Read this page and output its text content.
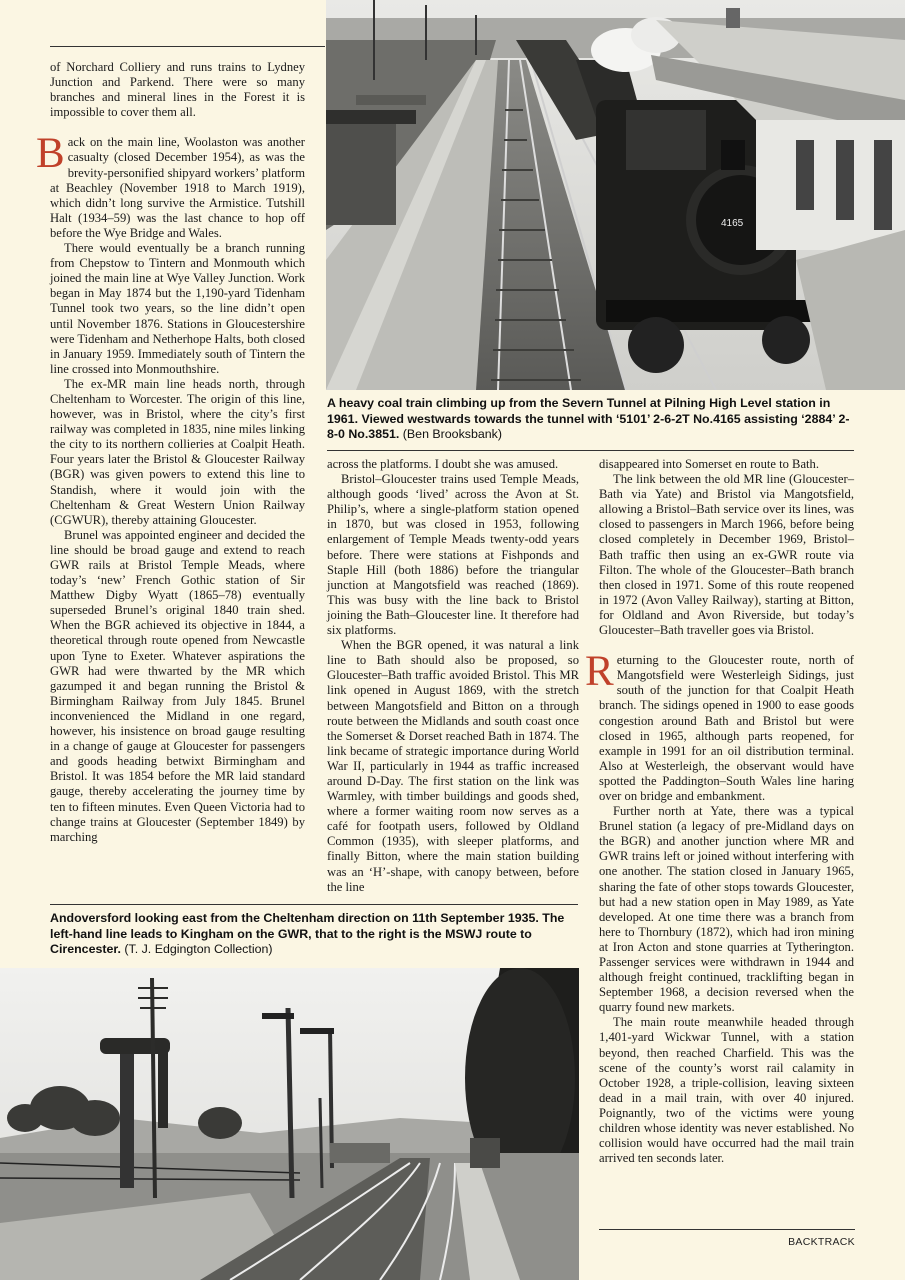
4165

of Norchard Colliery and runs trains to Lydney Junction and Parkend. There were so many branches and mineral lines in the Forest it is impossible to cover them all.

Back on the main line, Woolaston was another casualty (closed December 1954), as was the brevity-personified shipyard workers’ platform at Beachley (November 1918 to March 1919), which didn’t long survive the Armistice. Tutshill Halt (1934–59) was the last chance to hop off before the Wye Bridge and Wales.

There would eventually be a branch running from Chepstow to Tintern and Monmouth which joined the main line at Wye Valley Junction. Work began in May 1874 but the 1,190-yard Tidenham Tunnel took two years, so the line didn’t open until November 1876. Stations in Gloucestershire were Tidenham and Netherhope Halts, both closed in January 1959. Immediately south of Tintern the line crossed into Monmouthshire.

The ex-MR main line heads north, through Cheltenham to Worcester. The origin of this line, however, was in Bristol, where the city’s first railway was completed in 1835, nine miles linking the city to its northern collieries at Coalpit Heath. Four years later the Bristol & Gloucester Railway (BGR) was given powers to extend this line to Standish, where it would join with the Cheltenham & Great Western Union Railway (CGWUR), thereby attaining Gloucester.

Brunel was appointed engineer and decided the line should be broad gauge and extend to reach GWR rails at Bristol Temple Meads, where today’s ‘new’ French Gothic station of Sir Matthew Digby Wyatt (1865–78) eventually superseded Brunel’s original 1840 train shed. When the BGR achieved its objective in 1844, a theoretical through route opened from Newcastle upon Tyne to Exeter. Whatever aspirations the GWR had were thwarted by the MR which gazumped it and began running the Bristol & Birmingham Railway from July 1845. Brunel inconvenienced the Midland in one regard, however, his insistence on broad gauge resulting in a change of gauge at Gloucester for passengers and goods heading betwixt Birmingham and Bristol. It was 1854 before the MR laid standard gauge, thereby accelerating the journey time by ten to fifteen minutes. Even Queen Victoria had to change trains at Gloucester (September 1849) by marching

A heavy coal train climbing up from the Severn Tunnel at Pilning High Level station in 1961. Viewed westwards towards the tunnel with ‘5101’ 2-6-2T No.4165 assisting ‘2884’ 2-8-0 No.3851. (Ben Brooksbank)

across the platforms. I doubt she was amused.

Bristol–Gloucester trains used Temple Meads, although goods ‘lived’ across the Avon at St. Philip’s, where a single-platform station opened in 1870, but was closed in 1953, following enlargement of Temple Meads twenty-odd years before. There were stations at Fishponds and Staple Hill (both 1886) before the triangular junction at Mangotsfield was reached (1869). This was busy with the line back to Bristol joining the Bath–Gloucester line. It therefore had six platforms.

When the BGR opened, it was natural a link line to Bath should also be proposed, so Gloucester–Bath traffic avoided Bristol. This MR link opened in August 1869, with the stretch between Mangotsfield and Bitton on a through route between the Midlands and south coast once the Somerset & Dorset reached Bath in 1874. The link became of strategic importance during World War II, particularly in 1944 as traffic increased around D-Day. The first station on the link was Warmley, with timber buildings and goods shed, where a former waiting room now serves as a café for footpath users, followed by Oldland Common (1935), with sleeper platforms, and finally Bitton, where the main station building was an ‘H’-shape, with canopy between, before the line

disappeared into Somerset en route to Bath.

The link between the old MR line (Gloucester–Bath via Yate) and Bristol via Mangotsfield, allowing a Bristol–Bath service over its lines, was closed to passengers in March 1966, before being closed completely in December 1969, Bristol–Bath traffic then using an ex-GWR route via Filton. The whole of the Gloucester–Bath branch then closed in 1971. Some of this route reopened in 1972 (Avon Valley Railway), starting at Bitton, for Oldland and Avon Riverside, but today’s Gloucester–Bath traveller goes via Bristol.

Returning to the Gloucester route, north of Mangotsfield were Westerleigh Sidings, just south of the junction for that Coalpit Heath branch. The sidings opened in 1900 to ease goods congestion around Bath and Bristol but were closed in 1965, although parts reopened, for example in 1991 for an oil distribution terminal. Also at Westerleigh, the observant would have spotted the Paddington–South Wales line haring over on bridge and embankment.

Further north at Yate, there was a typical Brunel station (a legacy of pre-Midland days on the BGR) and another junction where MR and GWR trains left or joined without interfering with one another. The station closed in January 1965, sharing the fate of other stops towards Gloucester, but had a new station open in May 1989, as Yate developed. At one time there was a branch from here to Thornbury (1872), which had iron mining at Iron Acton and stone quarries at Tytherington. Passenger services were withdrawn in 1944 and although freight continued, tracklifting began in September 1968, a decision reversed when the quarry found new markets.

The main route meanwhile headed through 1,401-yard Wickwar Tunnel, with a station beyond, then reached Charfield. This was the scene of the county’s worst rail calamity in October 1928, a triple-collision, leaving sixteen dead in a mail train, with over 40 injured. Poignantly, two of the victims were young children whose identity was never established. No collision would have occurred had the mail train arrived ten seconds later.

Andoversford looking east from the Cheltenham direction on 11th September 1935. The left-hand line leads to Kingham on the GWR, that to the right is the MSWJ route to Cirencester. (T. J. Edgington Collection)
BACKTRACK
